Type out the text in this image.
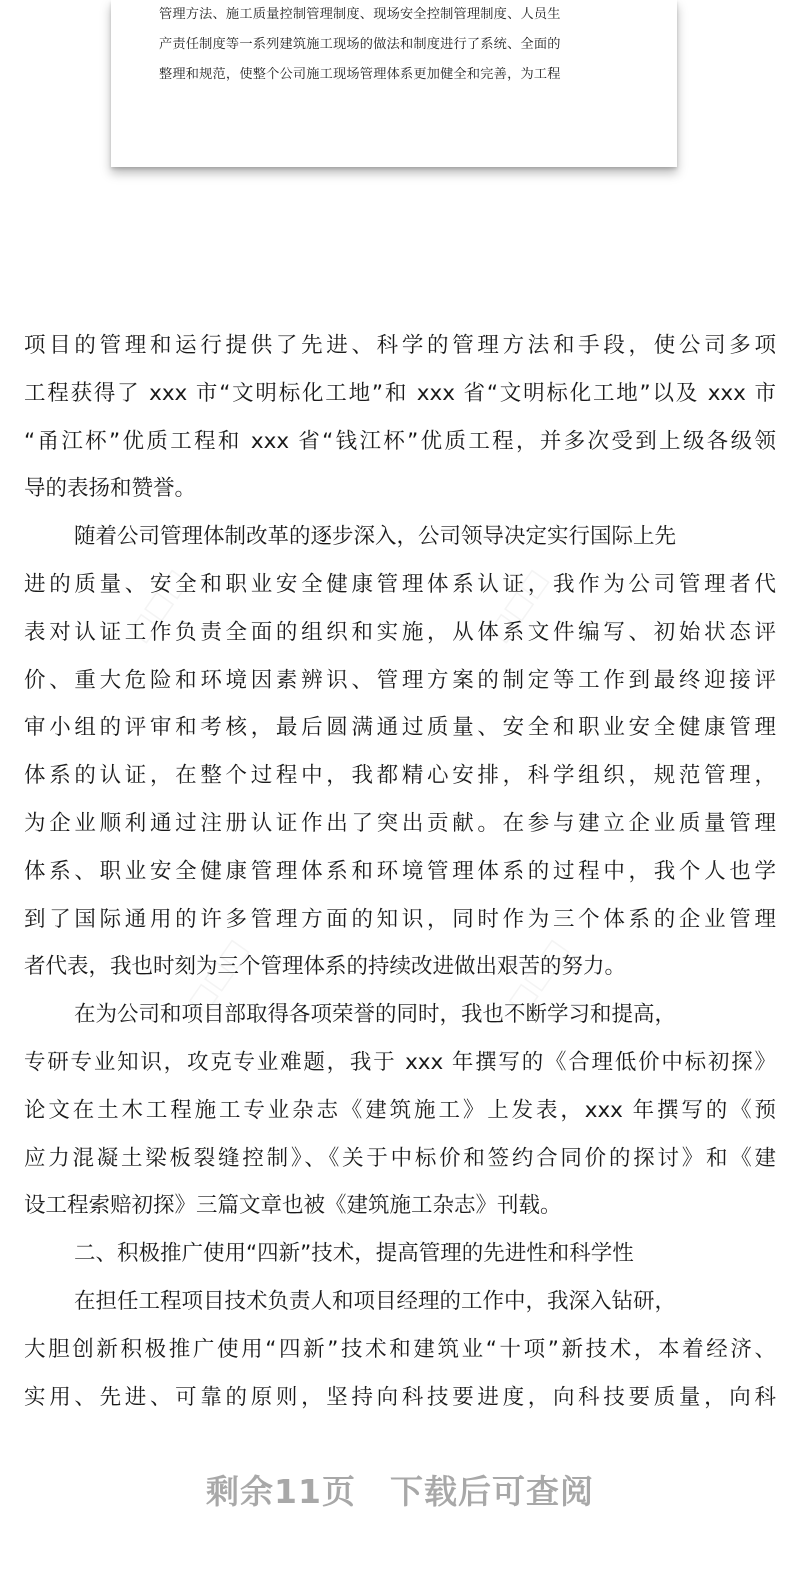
管理方法、施工质量控制管理制度、现场安全控制管理制度、人员生
产责任制度等一系列建筑施工现场的做法和制度进行了系统、全面的
整理和规范，使整个公司施工现场管理体系更加健全和完善，为工程
项目的管理和运行提供了先进、科学的管理方法和手段，使公司多项
工程获得了 xxx 市“文明标化工地”和 xxx 省“文明标化工地”以及 xxx 市
“甬江杯”优质工程和 xxx 省“钱江杯”优质工程，并多次受到上级各级领
导的表扬和赞誉。
随着公司管理体制改革的逐步深入，公司领导决定实行国际上先
进的质量、安全和职业安全健康管理体系认证，我作为公司管理者代
表对认证工作负责全面的组织和实施，从体系文件编写、初始状态评
价、重大危险和环境因素辨识、管理方案的制定等工作到最终迎接评
审小组的评审和考核，最后圆满通过质量、安全和职业安全健康管理
体系的认证，在整个过程中，我都精心安排，科学组织，规范管理，
为企业顺利通过注册认证作出了突出贡献。在参与建立企业质量管理
体系、职业安全健康管理体系和环境管理体系的过程中，我个人也学
到了国际通用的许多管理方面的知识，同时作为三个体系的企业管理
者代表，我也时刻为三个管理体系的持续改进做出艰苦的努力。
在为公司和项目部取得各项荣誉的同时，我也不断学习和提高，
专研专业知识，攻克专业难题，我于 xxx 年撰写的《合理低价中标初探》
论文在土木工程施工专业杂志《建筑施工》上发表，xxx 年撰写的《预
应力混凝土梁板裂缝控制》、《关于中标价和签约合同价的探讨》和《建
设工程索赔初探》三篇文章也被《建筑施工杂志》刊载。
二、积极推广使用“四新”技术，提高管理的先进性和科学性
在担任工程项目技术负责人和项目经理的工作中，我深入钻研，
大胆创新积极推广使用“四新”技术和建筑业“十项”新技术，本着经济、
实用、先进、可靠的原则，坚持向科技要进度，向科技要质量，向科
剩余11页 下载后可查阅
